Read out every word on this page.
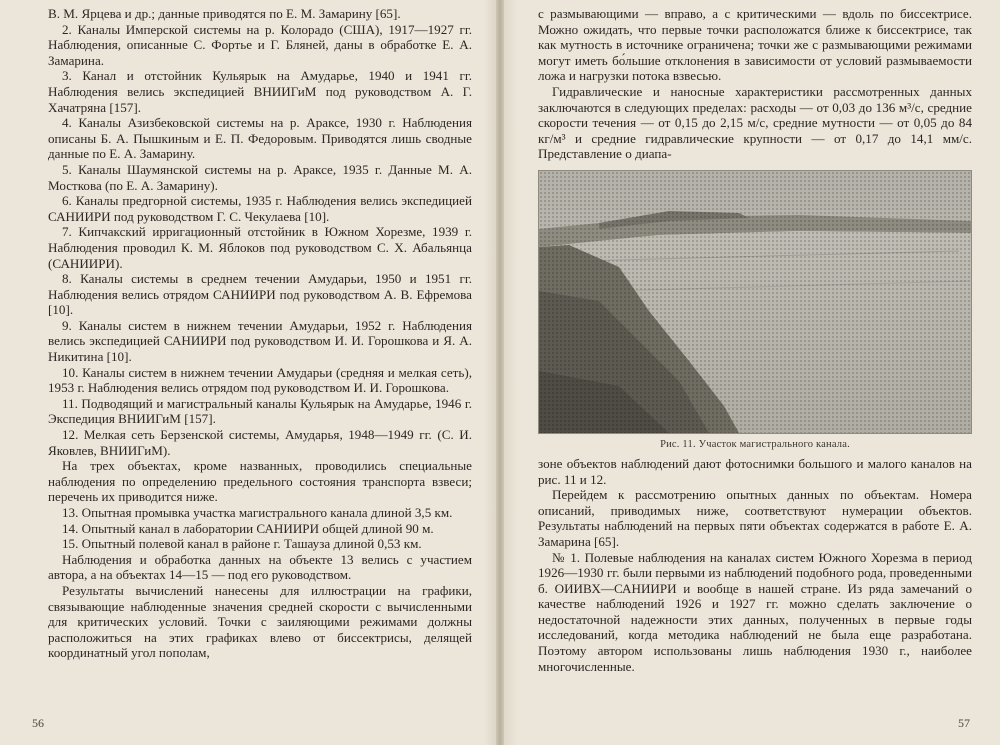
В. М. Ярцева и др.; данные приводятся по Е. М. Замарину [65].

2. Каналы Имперской системы на р. Колорадо (США), 1917—1927 гг. Наблюдения, описанные С. Фортье и Г. Бляней, даны в обработке Е. А. Замарина.

3. Канал и отстойник Кульярык на Амударье, 1940 и 1941 гг. Наблюдения велись экспедицией ВНИИГиМ под руководством А. Г. Хачатряна [157].

4. Каналы Азизбековской системы на р. Араксе, 1930 г. Наблюдения описаны Б. А. Пышкиным и Е. П. Федоровым. Приводятся лишь сводные данные по Е. А. Замарину.

5. Каналы Шаумянской системы на р. Араксе, 1935 г. Данные М. А. Мосткова (по Е. А. Замарину).

6. Каналы предгорной системы, 1935 г. Наблюдения велись экспедицией САНИИРИ под руководством Г. С. Чекулаева [10].

7. Кипчакский ирригационный отстойник в Южном Хорезме, 1939 г. Наблюдения проводил К. М. Яблоков под руководством С. Х. Абальянца (САНИИРИ).

8. Каналы системы в среднем течении Амударьи, 1950 и 1951 гг. Наблюдения велись отрядом САНИИРИ под руководством А. В. Ефремова [10].

9. Каналы систем в нижнем течении Амударьи, 1952 г. Наблюдения велись экспедицией САНИИРИ под руководством И. И. Горошкова и Я. А. Никитина [10].

10. Каналы систем в нижнем течении Амударьи (средняя и мелкая сеть), 1953 г. Наблюдения велись отрядом под руководством И. И. Горошкова.

11. Подводящий и магистральный каналы Кульярык на Амударье, 1946 г. Экспедиция ВНИИГиМ [157].

12. Мелкая сеть Берзенской системы, Амударья, 1948—1949 гг. (С. И. Яковлев, ВНИИГиМ).

На трех объектах, кроме названных, проводились специальные наблюдения по определению предельного состояния транспорта взвеси; перечень их приводится ниже.

13. Опытная промывка участка магистрального канала длиной 3,5 км.

14. Опытный канал в лаборатории САНИИРИ общей длиной 90 м.

15. Опытный полевой канал в районе г. Ташауза длиной 0,53 км.

Наблюдения и обработка данных на объекте 13 велись с участием автора, а на объектах 14—15 — под его руководством.

Результаты вычислений нанесены для иллюстрации на графики, связывающие наблюденные значения средней скорости с вычисленными для критических условий. Точки с заиляющими режимами должны расположиться на этих графиках влево от биссектрисы, делящей координатный угол пополам,

56

с размывающими — вправо, а с критическими — вдоль по биссектрисе. Можно ожидать, что первые точки расположатся ближе к биссектрисе, так как мутность в источнике ограничена; точки же с размывающими режимами могут иметь бо́льшие отклонения в зависимости от условий размываемости ложа и нагрузки потока взвесью.

Гидравлические и наносные характеристики рассмотренных данных заключаются в следующих пределах: расходы — от 0,03 до 136 м³/с, средние скорости течения — от 0,15 до 2,15 м/с, средние мутности — от 0,05 до 84 кг/м³ и средние гидравлические крупности — от 0,17 до 14,1 мм/с. Представление о диапа-

Рис. 11. Участок магистрального канала.

зоне объектов наблюдений дают фотоснимки большого и малого каналов на рис. 11 и 12.

Перейдем к рассмотрению опытных данных по объектам. Номера описаний, приводимых ниже, соответствуют нумерации объектов. Результаты наблюдений на первых пяти объектах содержатся в работе Е. А. Замарина [65].

№ 1. Полевые наблюдения на каналах систем Южного Хорезма в период 1926—1930 гг. были первыми из наблюдений подобного рода, проведенными б. ОИИВХ—САНИИРИ и вообще в нашей стране. Из ряда замечаний о качестве наблюдений 1926 и 1927 гг. можно сделать заключение о недостаточной надежности этих данных, полученных в первые годы исследований, когда методика наблюдений не была еще разработана. Поэтому автором использованы лишь наблюдения 1930 г., наиболее многочисленные.

57
